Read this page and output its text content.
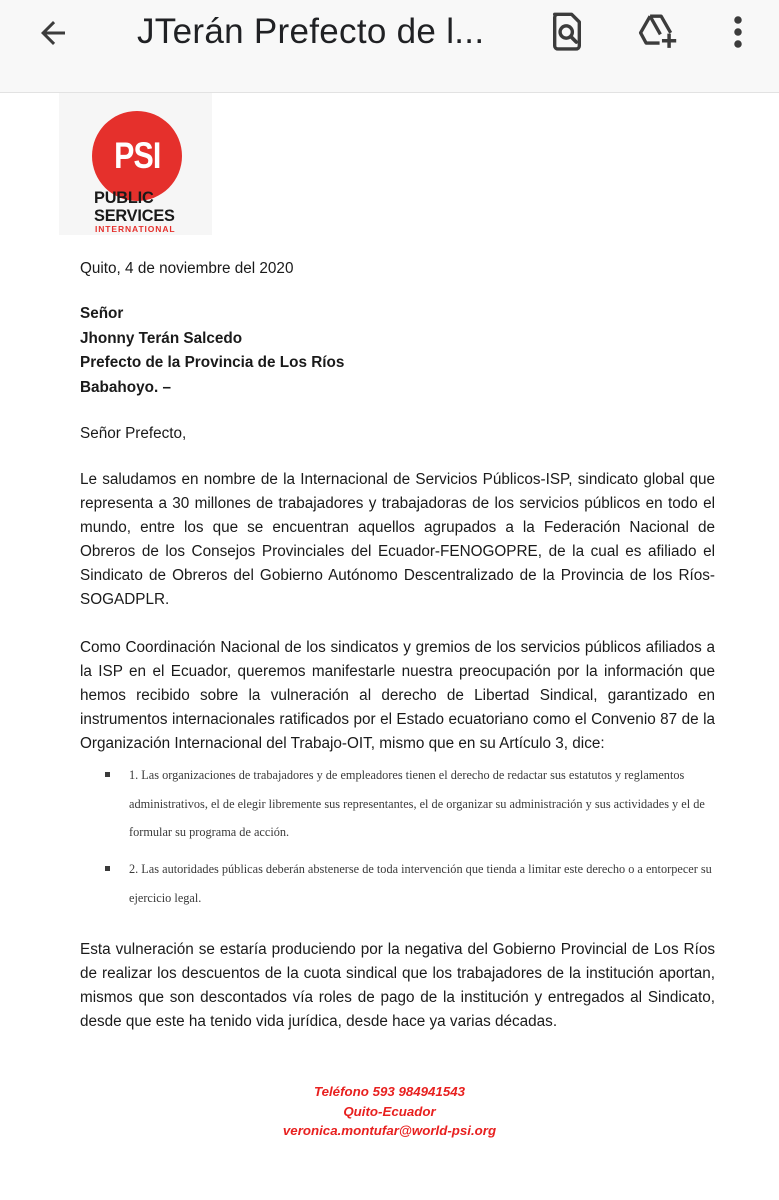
JTerán Prefecto de l...
PSI
PUBLIC
SERVICES
INTERNATIONAL
Quito, 4 de noviembre del 2020
Señor
Jhonny Terán Salcedo
Prefecto de la Provincia de Los Ríos
Babahoyo. –
Señor Prefecto,
Le saludamos en nombre de la Internacional de Servicios Públicos-ISP, sindicato global que representa a 30 millones de trabajadores y trabajadoras de los servicios públicos en todo el mundo, entre los que se encuentran aquellos agrupados a la Federación Nacional de Obreros de los Consejos Provinciales del Ecuador-FENOGOPRE, de la cual es afiliado el Sindicato de Obreros del Gobierno Autónomo Descentralizado de la Provincia de los Ríos-SOGADPLR.
Como Coordinación Nacional de los sindicatos y gremios de los servicios públicos afiliados a la ISP en el Ecuador, queremos manifestarle nuestra preocupación por la información que hemos recibido sobre la vulneración al derecho de Libertad Sindical, garantizado en instrumentos internacionales ratificados por el Estado ecuatoriano como el Convenio 87 de la Organización Internacional del Trabajo-OIT, mismo que en su Artículo 3, dice:
1. Las organizaciones de trabajadores y de empleadores tienen el derecho de redactar sus estatutos y reglamentos administrativos, el de elegir libremente sus representantes, el de organizar su administración y sus actividades y el de formular su programa de acción.
2. Las autoridades públicas deberán abstenerse de toda intervención que tienda a limitar este derecho o a entorpecer su ejercicio legal.
Esta vulneración se estaría produciendo por la negativa del Gobierno Provincial de Los Ríos de realizar los descuentos de la cuota sindical que los trabajadores de la institución aportan, mismos que son descontados vía roles de pago de la institución y entregados al Sindicato, desde que este ha tenido vida jurídica, desde hace ya varias décadas.
Teléfono 593 984941543
Quito-Ecuador
veronica.montufar@world-psi.org
